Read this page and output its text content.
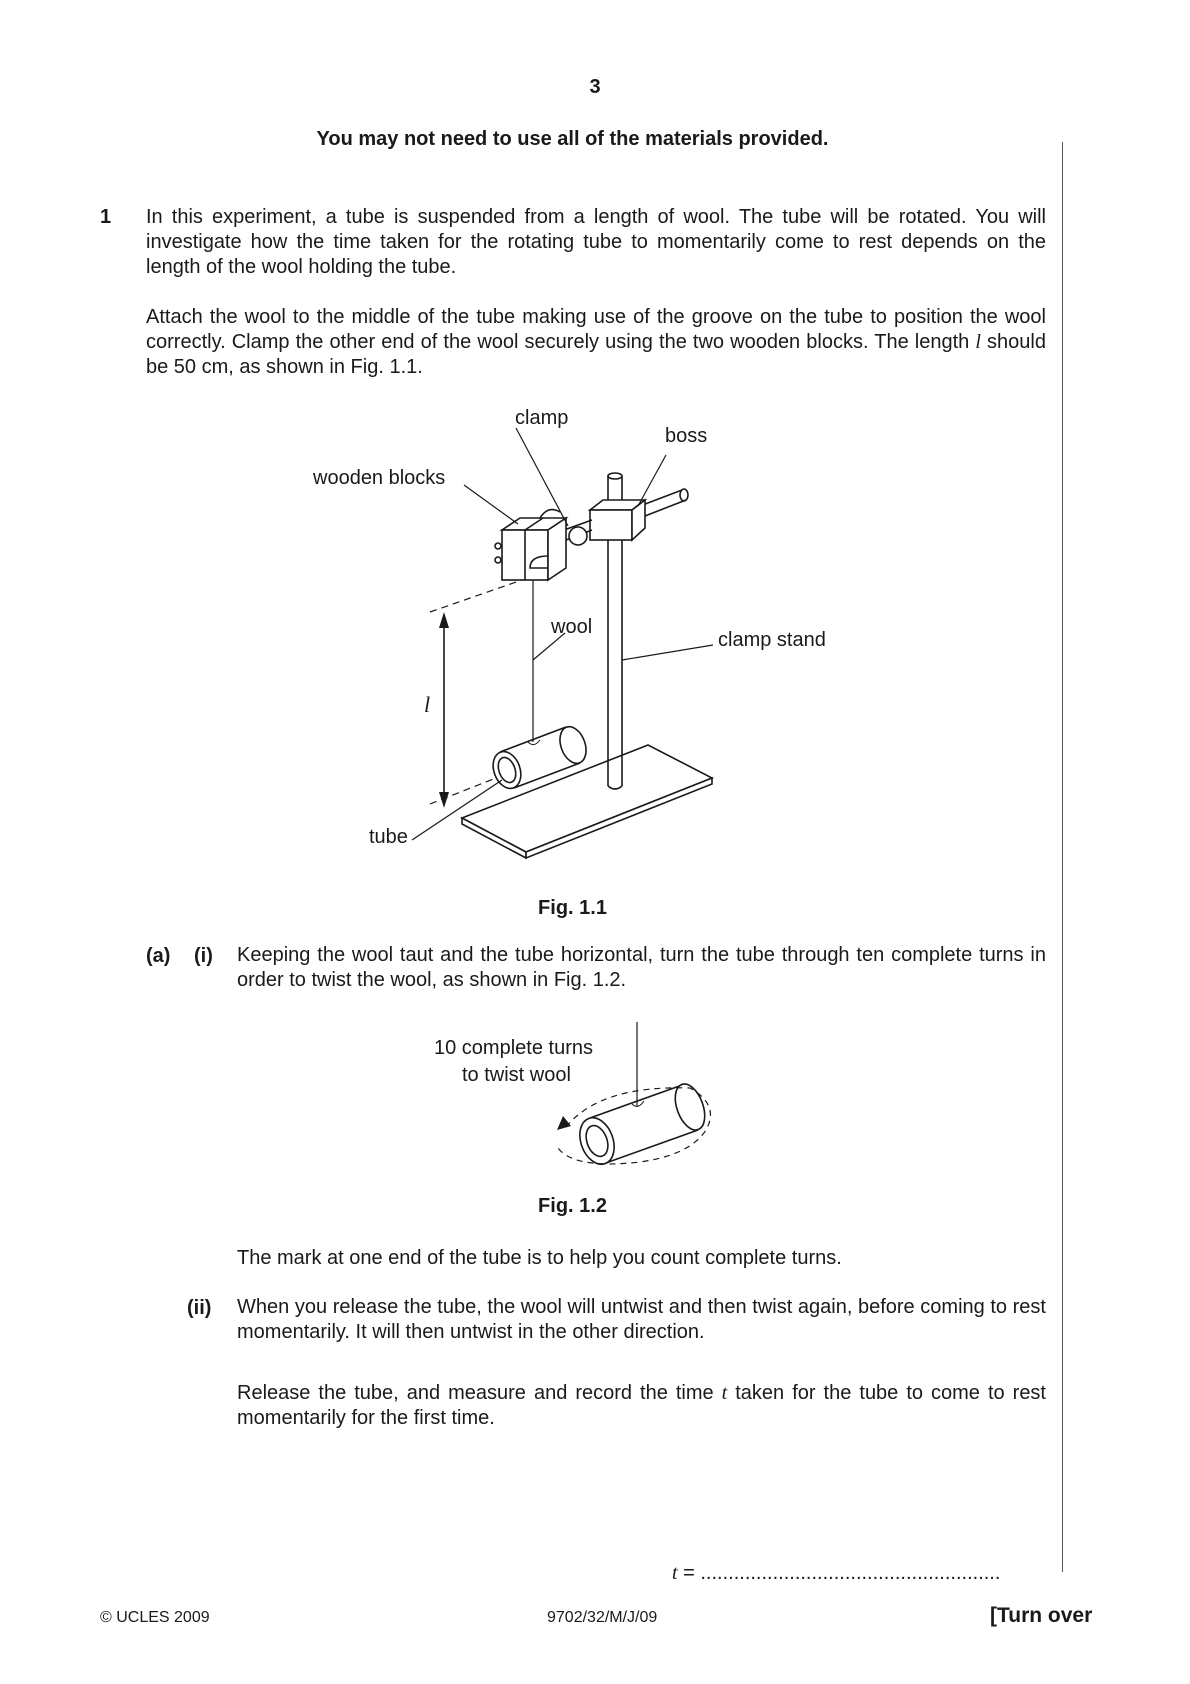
3
You may not need to use all of the materials provided.
1 In this experiment, a tube is suspended from a length of wool. The tube will be rotated. You will investigate how the time taken for the rotating tube to momentarily come to rest depends on the length of the wool holding the tube.
Attach the wool to the middle of the tube making use of the groove on the tube to position the wool correctly. Clamp the other end of the wool securely using the two wooden blocks. The length l should be 50 cm, as shown in Fig. 1.1.
clamp
boss
wooden blocks
wool
clamp stand
l
tube
Fig. 1.1
(a) (i) Keeping the wool taut and the tube horizontal, turn the tube through ten complete turns in order to twist the wool, as shown in Fig. 1.2.
10 complete turns
to twist wool
Fig. 1.2
The mark at one end of the tube is to help you count complete turns.
(ii) When you release the tube, the wool will untwist and then twist again, before coming to rest momentarily. It will then untwist in the other direction.
Release the tube, and measure and record the time t taken for the tube to come to rest momentarily for the first time.
t = ......................................................
© UCLES 2009	9702/32/M/J/09	[Turn over
